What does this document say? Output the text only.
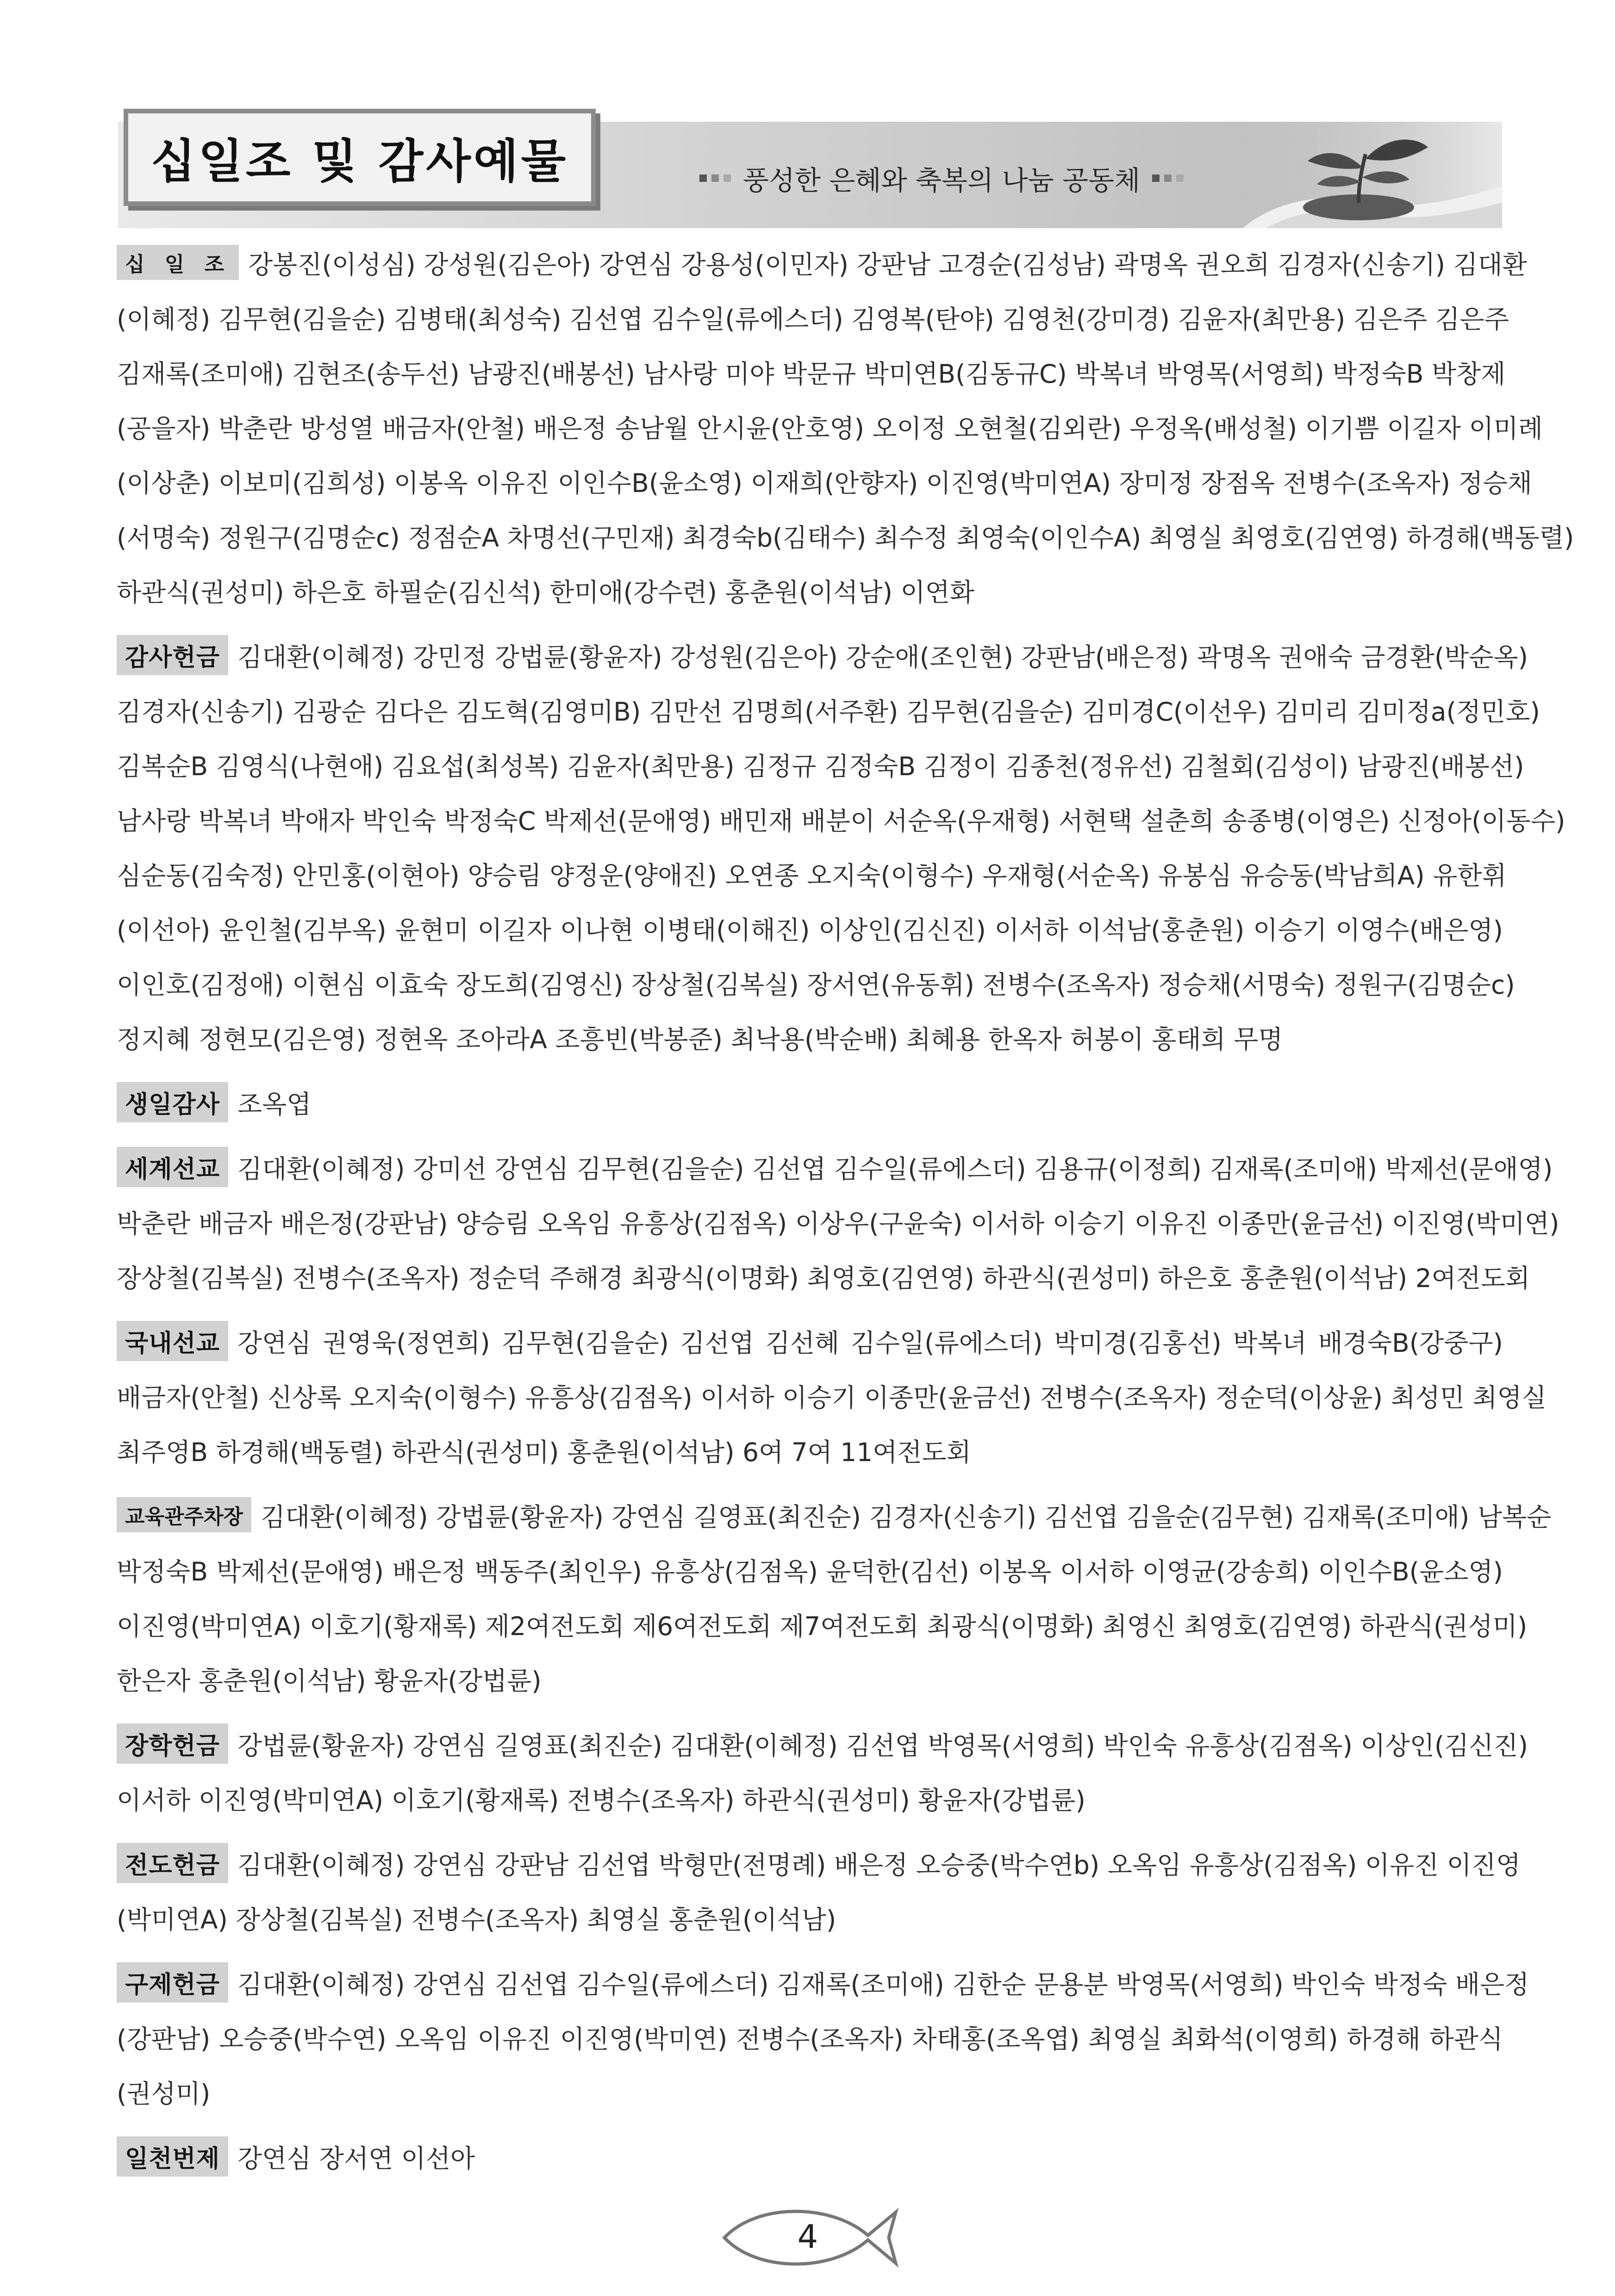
십일조 및 감사예물	풍성한 은혜와 축복의 나눔 공동체
십 일 조 강봉진(이성심) 강성원(김은아) 강연심 강용성(이민자) 강판남 고경순(김성남) 곽명옥 권오희 김경자(신송기) 김대환
(이혜정) 김무현(김을순) 김병태(최성숙) 김선엽 김수일(류에스더) 김영복(탄야) 김영천(강미경) 김윤자(최만용) 김은주 김은주
김재록(조미애) 김현조(송두선) 남광진(배봉선) 남사랑 미야 박문규 박미연B(김동규C) 박복녀 박영목(서영희) 박정숙B 박창제
(공을자) 박춘란 방성열 배금자(안철) 배은정 송남월 안시윤(안호영) 오이정 오현철(김외란) 우정옥(배성철) 이기쁨 이길자 이미례
(이상춘) 이보미(김희성) 이봉옥 이유진 이인수B(윤소영) 이재희(안향자) 이진영(박미연A) 장미정 장점옥 전병수(조옥자) 정승채
(서명숙) 정원구(김명순c) 정점순A 차명선(구민재) 최경숙b(김태수) 최수정 최영숙(이인수A) 최영실 최영호(김연영) 하경해(백동렬)
하관식(권성미) 하은호 하필순(김신석) 한미애(강수련) 홍춘원(이석남) 이연화
감사헌금 김대환(이혜정) 강민정 강법륜(황윤자) 강성원(김은아) 강순애(조인현) 강판남(배은정) 곽명옥 권애숙 금경환(박순옥)
김경자(신송기) 김광순 김다은 김도혁(김영미B) 김만선 김명희(서주환) 김무현(김을순) 김미경C(이선우) 김미리 김미정a(정민호)
김복순B 김영식(나현애) 김요섭(최성복) 김윤자(최만용) 김정규 김정숙B 김정이 김종천(정유선) 김철회(김성이) 남광진(배봉선)
남사랑 박복녀 박애자 박인숙 박정숙C 박제선(문애영) 배민재 배분이 서순옥(우재형) 서현택 설춘희 송종병(이영은) 신정아(이동수)
심순동(김숙정) 안민홍(이현아) 양승림 양정운(양애진) 오연종 오지숙(이형수) 우재형(서순옥) 유봉심 유승동(박남희A) 유한휘
(이선아) 윤인철(김부옥) 윤현미 이길자 이나현 이병태(이해진) 이상인(김신진) 이서하 이석남(홍춘원) 이승기 이영수(배은영)
이인호(김정애) 이현심 이효숙 장도희(김영신) 장상철(김복실) 장서연(유동휘) 전병수(조옥자) 정승채(서명숙) 정원구(김명순c)
정지혜 정현모(김은영) 정현옥 조아라A 조흥빈(박봉준) 최낙용(박순배) 최혜용 한옥자 허봉이 홍태희 무명
생일감사 조옥엽
세계선교 김대환(이혜정) 강미선 강연심 김무현(김을순) 김선엽 김수일(류에스더) 김용규(이정희) 김재록(조미애) 박제선(문애영)
박춘란 배금자 배은정(강판남) 양승림 오옥임 유흥상(김점옥) 이상우(구윤숙) 이서하 이승기 이유진 이종만(윤금선) 이진영(박미연)
장상철(김복실) 전병수(조옥자) 정순덕 주해경 최광식(이명화) 최영호(김연영) 하관식(권성미) 하은호 홍춘원(이석남) 2여전도회
국내선교 강연심 권영욱(정연희) 김무현(김을순) 김선엽 김선혜 김수일(류에스더) 박미경(김홍선) 박복녀 배경숙B(강중구)
배금자(안철) 신상록 오지숙(이형수) 유흥상(김점옥) 이서하 이승기 이종만(윤금선) 전병수(조옥자) 정순덕(이상윤) 최성민 최영실
최주영B 하경해(백동렬) 하관식(권성미) 홍춘원(이석남) 6여 7여 11여전도회
교육관주차장 김대환(이혜정) 강법륜(황윤자) 강연심 길영표(최진순) 김경자(신송기) 김선엽 김을순(김무현) 김재록(조미애) 남복순
박정숙B 박제선(문애영) 배은정 백동주(최인우) 유흥상(김점옥) 윤덕한(김선) 이봉옥 이서하 이영균(강송희) 이인수B(윤소영)
이진영(박미연A) 이호기(황재록) 제2여전도회 제6여전도회 제7여전도회 최광식(이명화) 최영신 최영호(김연영) 하관식(권성미)
한은자 홍춘원(이석남) 황윤자(강법륜)
장학헌금 강법륜(황윤자) 강연심 길영표(최진순) 김대환(이혜정) 김선엽 박영목(서영희) 박인숙 유흥상(김점옥) 이상인(김신진)
이서하 이진영(박미연A) 이호기(황재록) 전병수(조옥자) 하관식(권성미) 황윤자(강법륜)
전도헌금 김대환(이혜정) 강연심 강판남 김선엽 박형만(전명례) 배은정 오승중(박수연b) 오옥임 유흥상(김점옥) 이유진 이진영
(박미연A) 장상철(김복실) 전병수(조옥자) 최영실 홍춘원(이석남)
구제헌금 김대환(이혜정) 강연심 김선엽 김수일(류에스더) 김재록(조미애) 김한순 문용분 박영목(서영희) 박인숙 박정숙 배은정
(강판남) 오승중(박수연) 오옥임 이유진 이진영(박미연) 전병수(조옥자) 차태홍(조옥엽) 최영실 최화석(이영희) 하경해 하관식
(권성미)
일천번제 강연심 장서연 이선아
4
